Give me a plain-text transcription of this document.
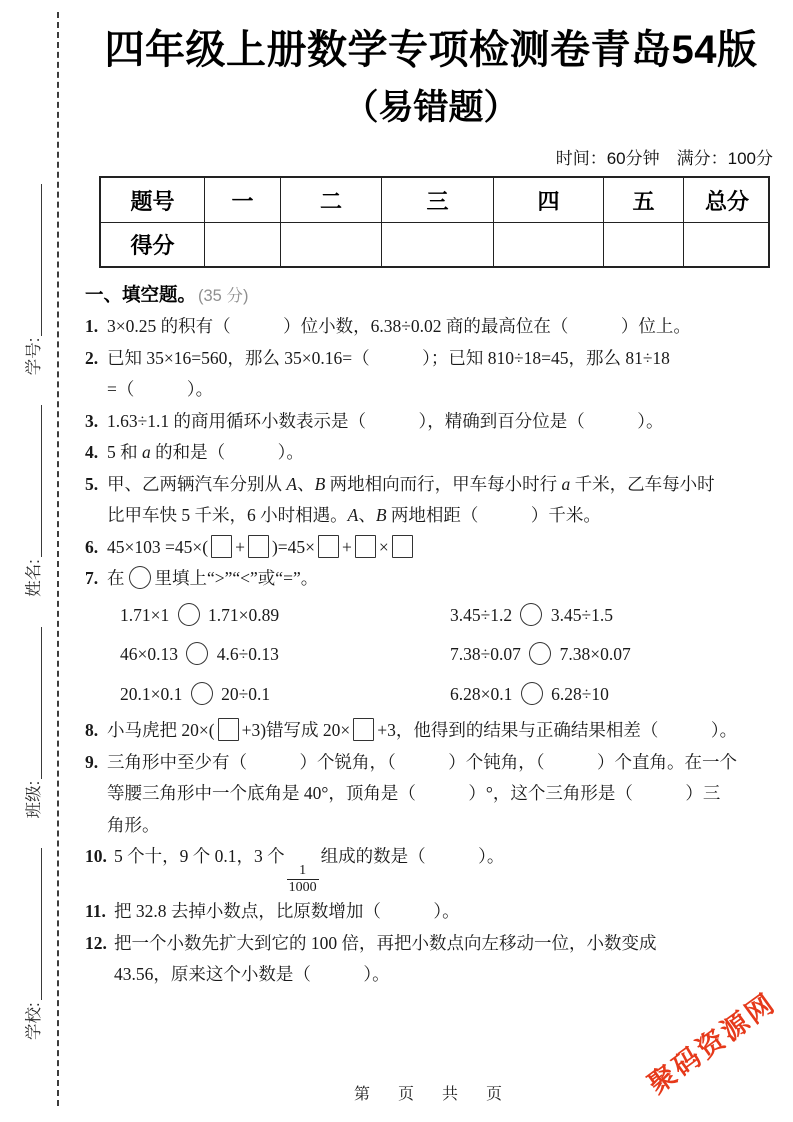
学校:
班级:
姓名:
学号:
四年级上册数学专项检测卷青岛54版
（易错题）
时间：60分钟　满分：100分
题号	一	二	三	四	五	总分
得分
一、填空题。 (35 分)
1. 3×0.25 的积有（　　　）位小数，6.38÷0.02 商的最高位在（　　　）位上。
2. 已知 35×16=560，那么 35×0.16=（　　　）；已知 810÷18=45，那么 81÷18
=（　　　）。
3. 1.63÷1.1 的商用循环小数表示是（　　　），精确到百分位是（　　　）。
4. 5 和 a 的和是（　　　）。
5. 甲、乙两辆汽车分别从 A、B 两地相向而行，甲车每小时行 a 千米，乙车每小时
比甲车快 5 千米，6 小时相遇。A、B 两地相距（　　　）千米。
6. 45×103 =45×( + )=45× + ×
7. 在 里填上“>”“<”或“=”。
1.71×1  1.71×0.89	3.45÷1.2  3.45÷1.5
46×0.13  4.6÷0.13	7.38÷0.07  7.38×0.07
20.1×0.1  20÷0.1	6.28×0.1  6.28÷10
8. 小马虎把 20×( +3)错写成 20× +3，他得到的结果与正确结果相差（　　　）。
9. 三角形中至少有（　　　）个锐角，（　　　）个钝角，（　　　）个直角。在一个
等腰三角形中一个底角是 40°，顶角是（　　　）°，这个三角形是（　　　）三
角形。
10. 5 个十，9 个 0.1，3 个
$\frac{1}{1000}$
组成的数是（　　　）。
11. 把 32.8 去掉小数点，比原数增加（　　　）。
12. 把一个小数先扩大到它的 100 倍，再把小数点向左移动一位，小数变成
43.56，原来这个小数是（　　　）。
第　页　共　页	聚码资源网
